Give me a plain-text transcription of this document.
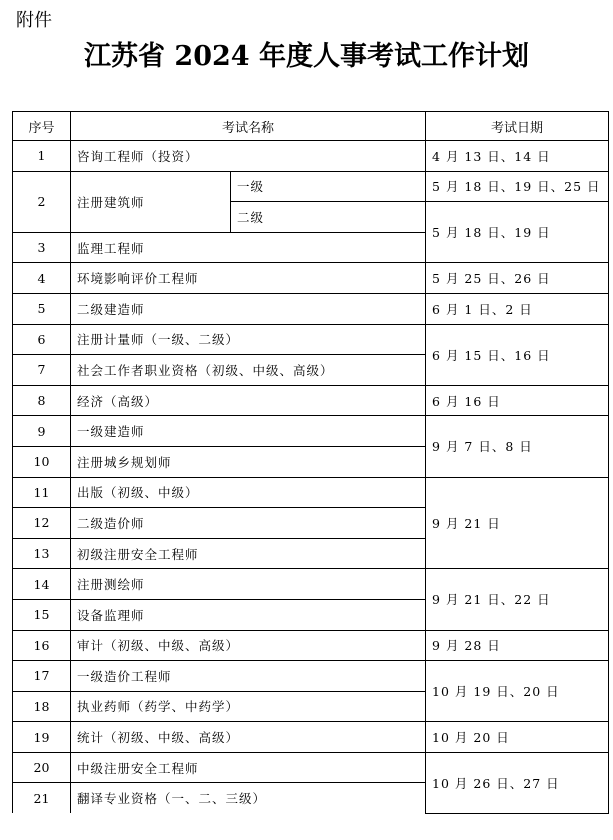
附件
江苏省 2024 年度人事考试工作计划
序号	考试名称		考试日期
1	咨询工程师（投资）		4 月 13 日、14 日
2	注册建筑师	一级	5 月 18 日、19 日、25 日
		二级	5 月 18 日、19 日
3	监理工程师		
4	环境影响评价工程师		5 月 25 日、26 日
5	二级建造师		6 月 1 日、2 日
6	注册计量师（一级、二级）		6 月 15 日、16 日
7	社会工作者职业资格（初级、中级、高级）		
8	经济（高级）		6 月 16 日
9	一级建造师		9 月 7 日、8 日
10	注册城乡规划师		
11	出版（初级、中级）		9 月 21 日
12	二级造价师		
13	初级注册安全工程师		
14	注册测绘师		9 月 21 日、22 日
15	设备监理师		
16	审计（初级、中级、高级）		9 月 28 日
17	一级造价工程师		10 月 19 日、20 日
18	执业药师（药学、中药学）		
19	统计（初级、中级、高级）		10 月 20 日
20	中级注册安全工程师		10 月 26 日、27 日
21	翻译专业资格（一、二、三级）		
